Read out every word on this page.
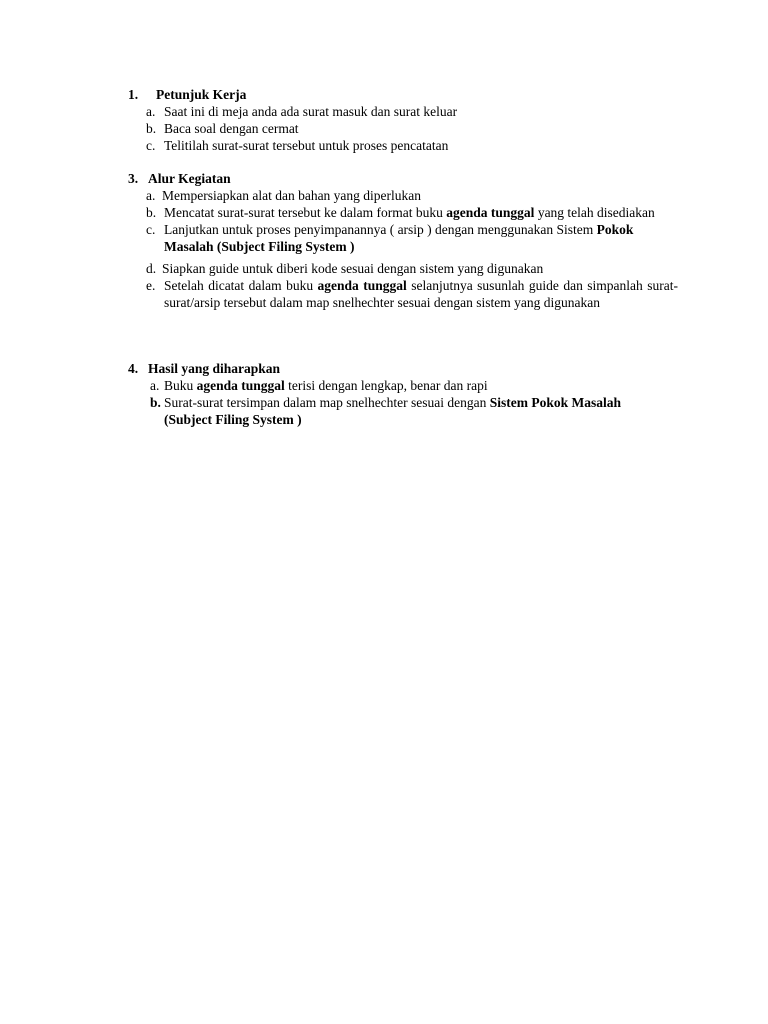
1. Petunjuk Kerja
a. Saat ini di meja anda ada surat masuk dan surat keluar
b. Baca soal dengan cermat
c. Telitilah surat-surat tersebut untuk proses pencatatan
3. Alur Kegiatan
a. Mempersiapkan alat dan bahan yang diperlukan
b. Mencatat surat-surat tersebut ke dalam format buku agenda tunggal yang telah disediakan
c. Lanjutkan untuk proses penyimpanannya ( arsip ) dengan menggunakan Sistem Pokok Masalah (Subject Filing System )
d. Siapkan guide untuk diberi kode sesuai dengan sistem yang digunakan
e. Setelah dicatat dalam buku agenda tunggal selanjutnya susunlah guide dan simpanlah surat-surat/arsip tersebut dalam map snelhechter sesuai dengan sistem yang digunakan
4. Hasil yang diharapkan
a. Buku agenda tunggal terisi dengan lengkap, benar dan rapi
b. Surat-surat tersimpan dalam map snelhechter sesuai dengan Sistem Pokok Masalah (Subject Filing System )
